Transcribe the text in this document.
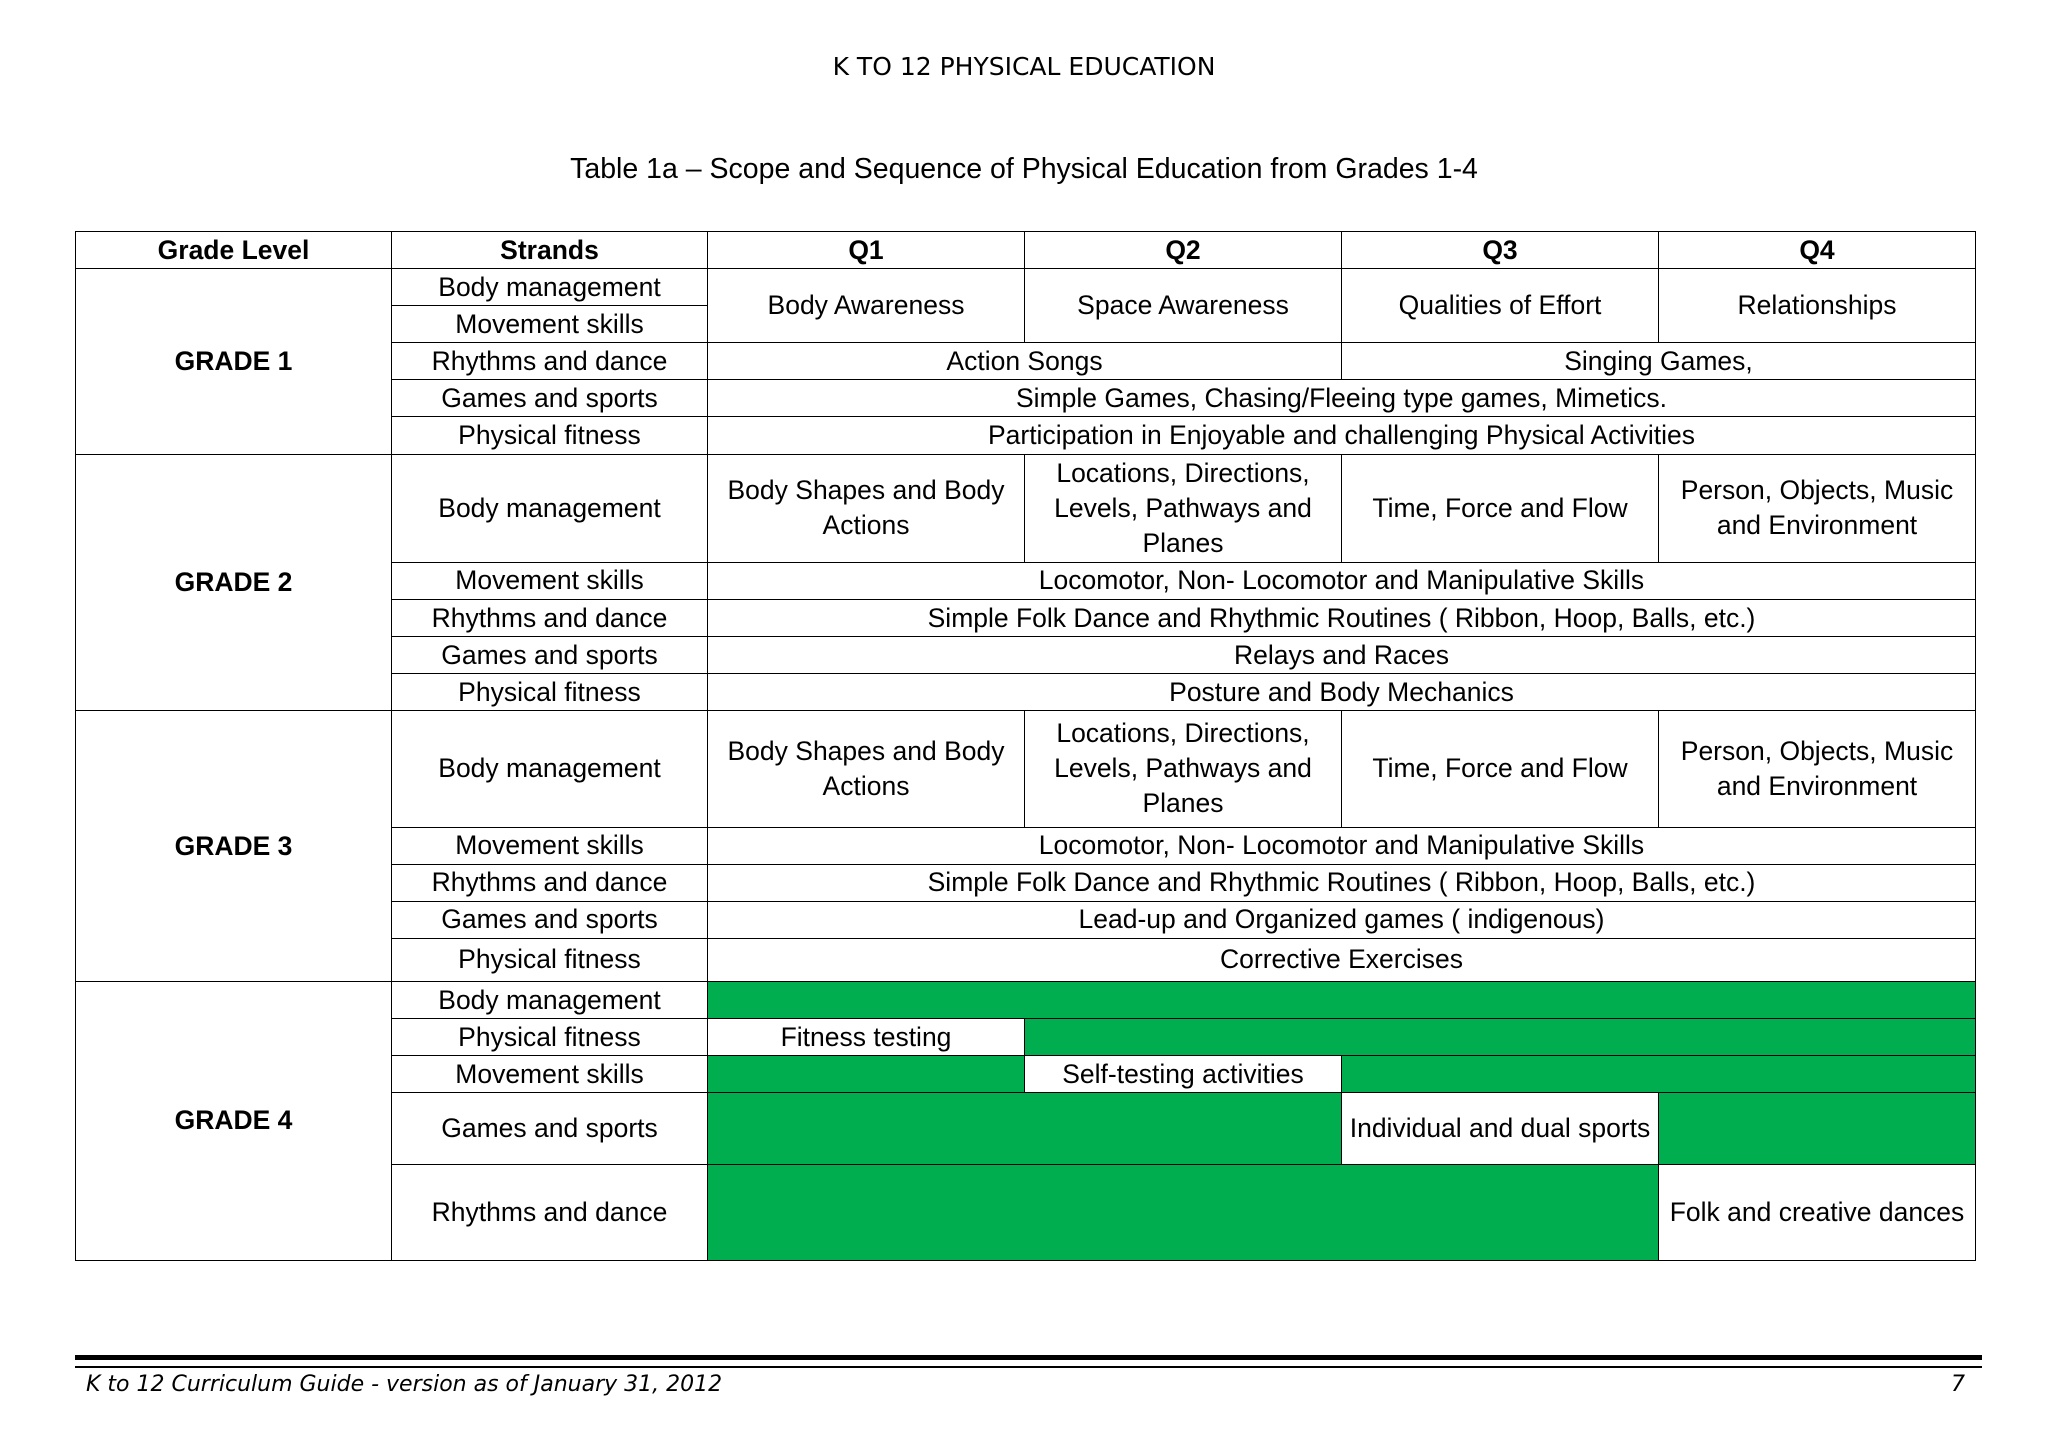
K TO 12 PHYSICAL EDUCATION
Table 1a – Scope and Sequence of Physical Education from Grades 1-4
Grade Level	Strands	Q1	Q2	Q3	Q4
GRADE 1	Body management	Body Awareness	Space Awareness	Qualities of Effort	Relationships
	Movement skills				
	Rhythms and dance	Action Songs		Singing Games,	
	Games and sports	Simple Games, Chasing/Fleeing type games, Mimetics.			
	Physical fitness	Participation in Enjoyable and challenging Physical Activities			
GRADE 2	Body management	Body Shapes and Body Actions	Locations, Directions, Levels, Pathways and Planes	Time, Force and Flow	Person, Objects, Music and Environment
	Movement skills	Locomotor, Non- Locomotor and Manipulative Skills			
	Rhythms and dance	Simple Folk Dance and Rhythmic Routines ( Ribbon, Hoop, Balls, etc.)			
	Games and sports	Relays and Races			
	Physical fitness	Posture and Body Mechanics			
GRADE 3	Body management	Body Shapes and Body Actions	Locations, Directions, Levels, Pathways and Planes	Time, Force and Flow	Person, Objects, Music and Environment
	Movement skills	Locomotor, Non- Locomotor and Manipulative Skills			
	Rhythms and dance	Simple Folk Dance and Rhythmic Routines ( Ribbon, Hoop, Balls, etc.)			
	Games and sports	Lead-up and Organized games ( indigenous)			
	Physical fitness	Corrective Exercises			
GRADE 4	Body management				
	Physical fitness	Fitness testing			
	Movement skills		Self-testing activities		
	Games and sports			Individual and dual sports	
	Rhythms and dance				Folk and creative dances
K to 12 Curriculum Guide - version as of January 31, 2012	7
